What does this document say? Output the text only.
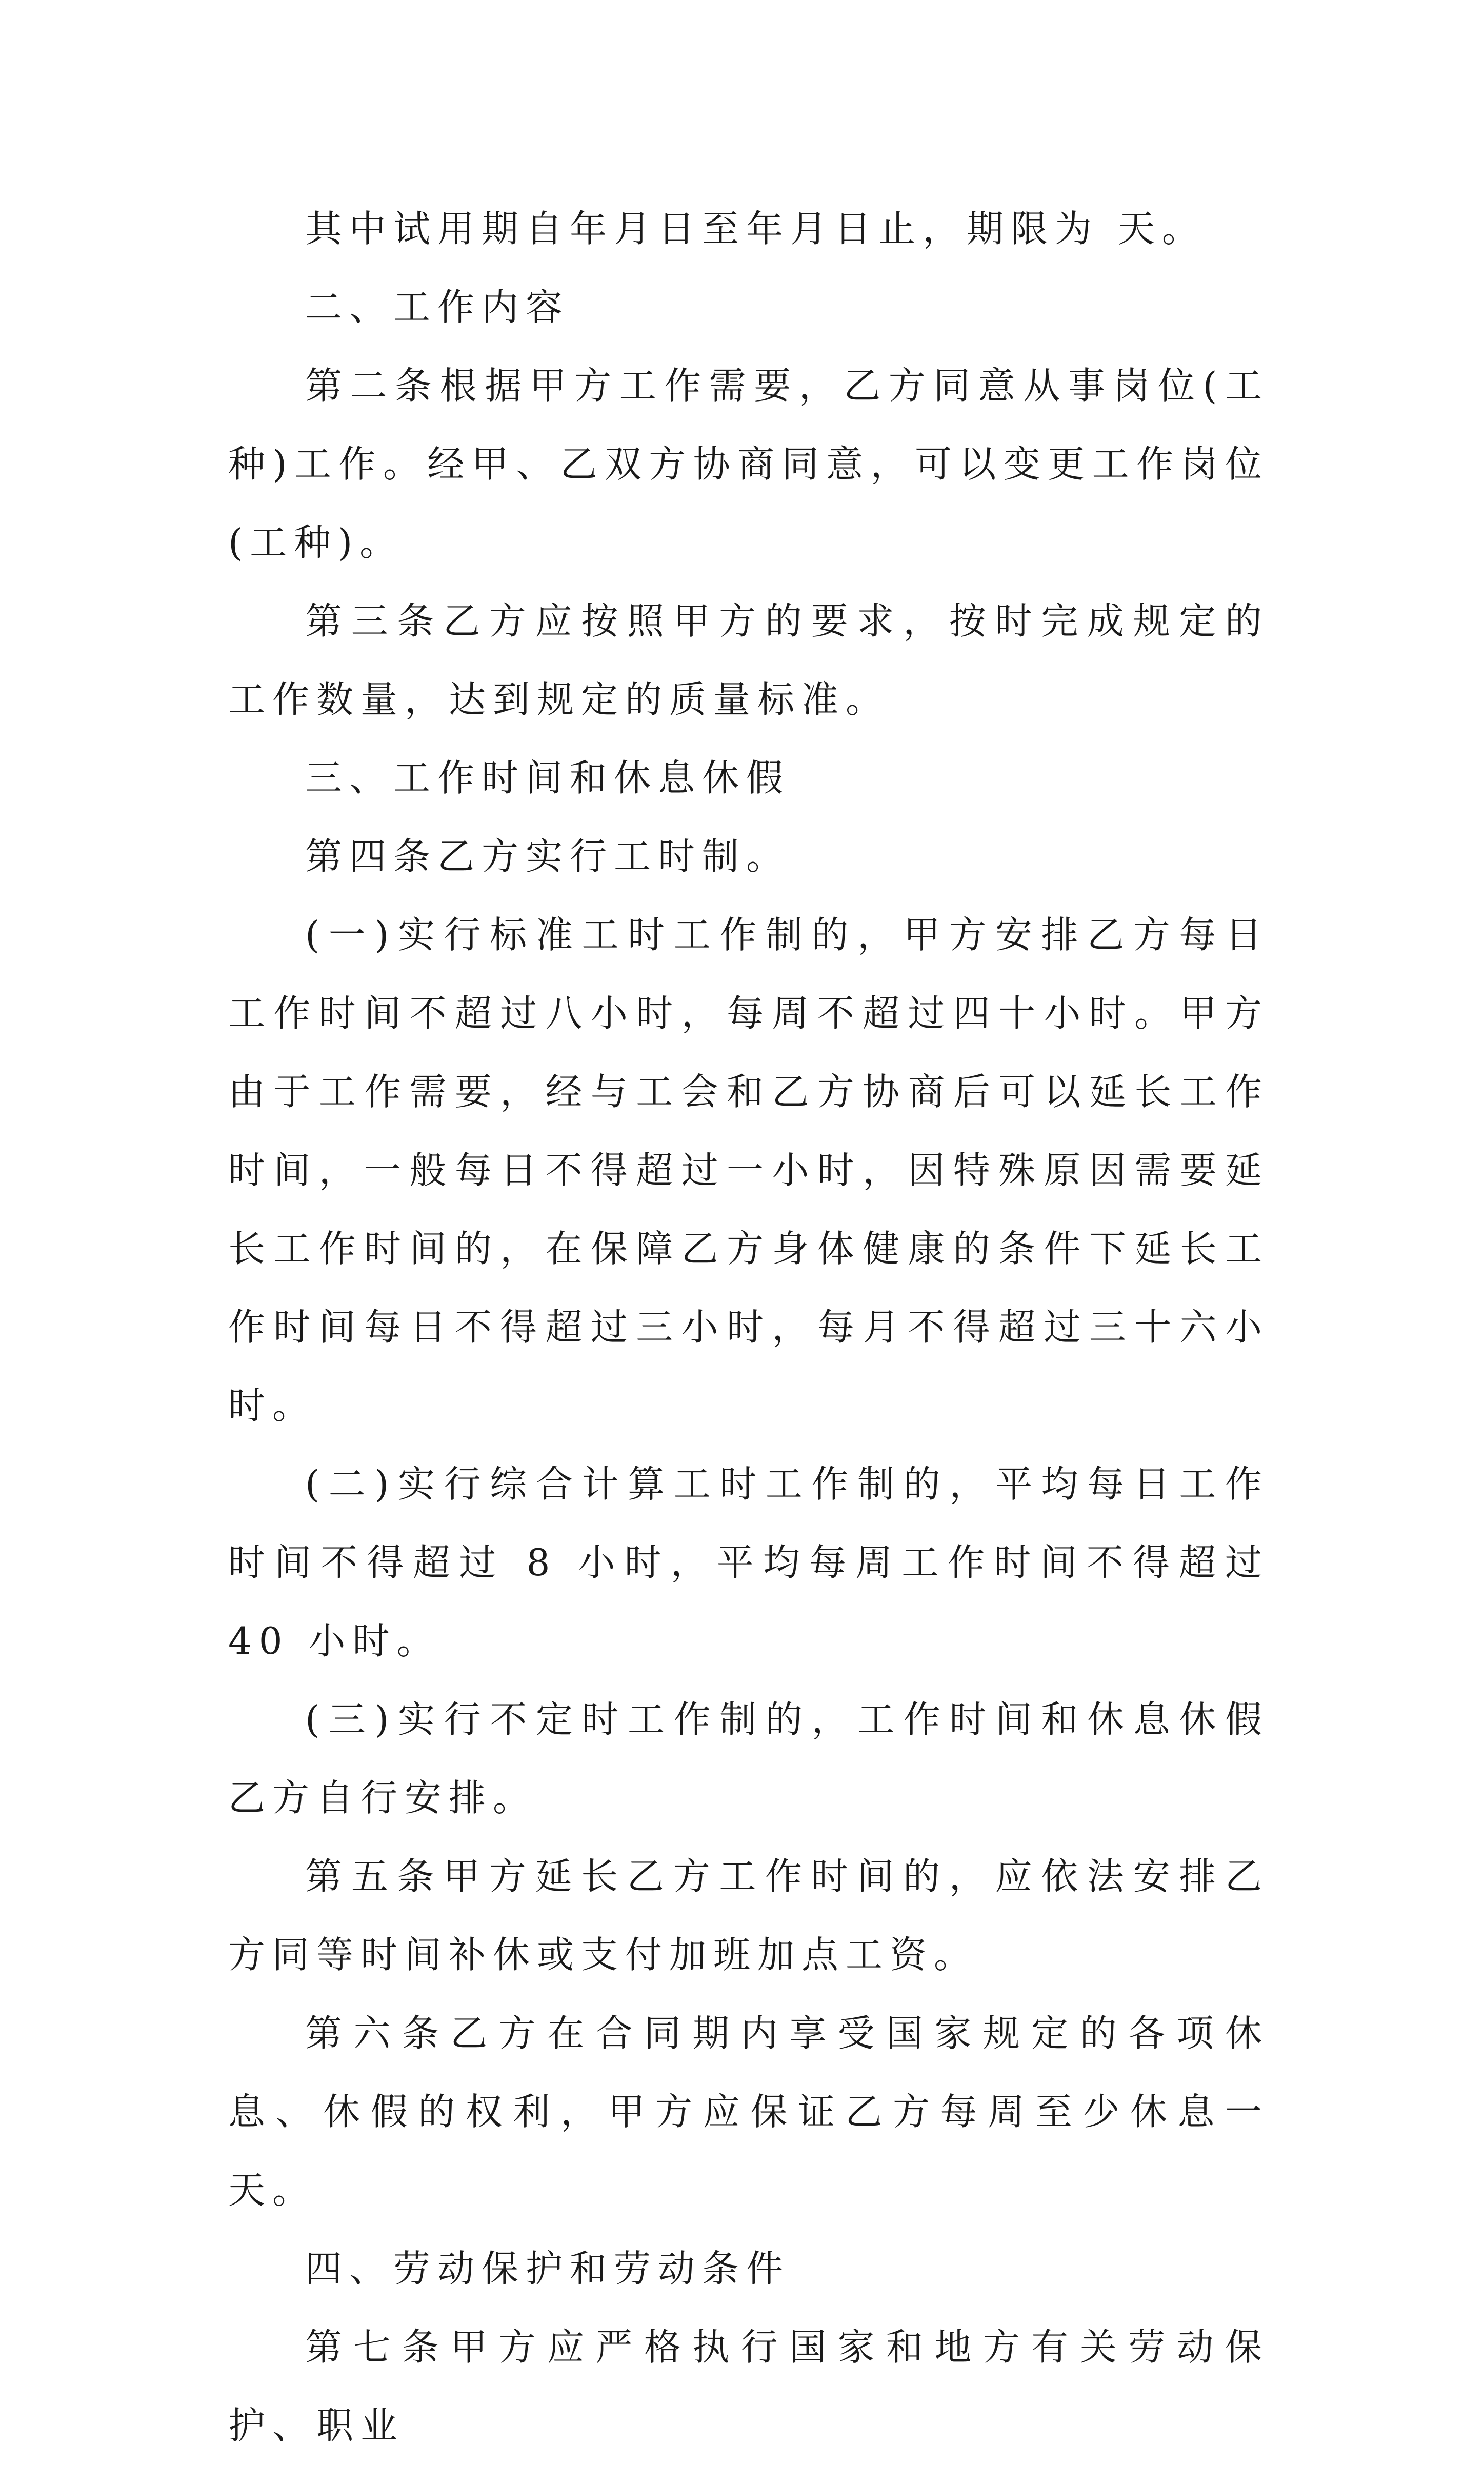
其中试用期自年月日至年月日止，期限为 天。

二、工作内容

第二条根据甲方工作需要，乙方同意从事岗位(工种)工作。经甲、乙双方协商同意，可以变更工作岗位(工种)。

第三条乙方应按照甲方的要求，按时完成规定的工作数量，达到规定的质量标准。

三、工作时间和休息休假

第四条乙方实行工时制。

(一)实行标准工时工作制的，甲方安排乙方每日工作时间不超过八小时，每周不超过四十小时。甲方由于工作需要，经与工会和乙方协商后可以延长工作时间，一般每日不得超过一小时，因特殊原因需要延长工作时间的，在保障乙方身体健康的条件下延长工作时间每日不得超过三小时，每月不得超过三十六小时。

(二)实行综合计算工时工作制的，平均每日工作时间不得超过 8 小时，平均每周工作时间不得超过 40 小时。

(三)实行不定时工作制的，工作时间和休息休假乙方自行安排。

第五条甲方延长乙方工作时间的，应依法安排乙方同等时间补休或支付加班加点工资。

第六条乙方在合同期内享受国家规定的各项休息、休假的权利，甲方应保证乙方每周至少休息一天。

四、劳动保护和劳动条件

第七条甲方应严格执行国家和地方有关劳动保护、职业
